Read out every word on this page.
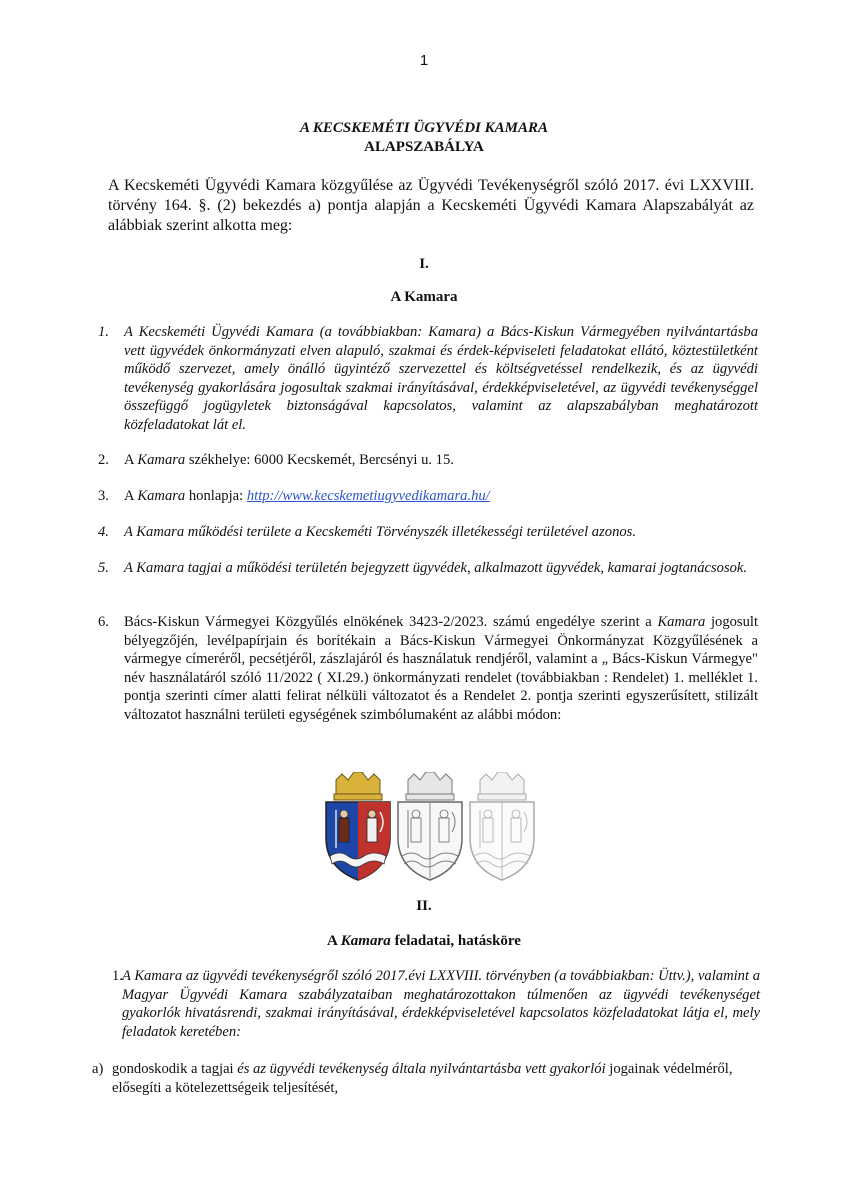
1
A KECSKEMÉTI ÜGYVÉDI KAMARA
ALAPSZABÁLYA
A Kecskeméti Ügyvédi Kamara közgyűlése az Ügyvédi Tevékenységről szóló 2017. évi LXXVIII. törvény 164. §. (2) bekezdés a) pontja alapján a Kecskeméti Ügyvédi Kamara Alapszabályát az alábbiak szerint alkotta meg:
I.
A Kamara
1.	A Kecskeméti Ügyvédi Kamara (a továbbiakban: Kamara) a Bács-Kiskun Vármegyében nyilvántartásba vett ügyvédek önkormányzati elven alapuló, szakmai és érdek-képviseleti feladatokat ellátó, köztestületként működő szervezet, amely önálló ügyintéző szervezettel és költségvetéssel rendelkezik, és az ügyvédi tevékenység gyakorlására jogosultak szakmai irányításával, érdekképviseletével, az ügyvédi tevékenységgel összefüggő jogügyletek biztonságával kapcsolatos, valamint az alapszabályban meghatározott közfeladatokat lát el.
2.	A Kamara székhelye: 6000 Kecskemét, Bercsényi u. 15.
3.	A Kamara honlapja: http://www.kecskemetiugyvedikamara.hu/
4.	A Kamara működési területe a Kecskeméti Törvényszék illetékességi területével azonos.
5.	A Kamara tagjai a működési területén bejegyzett ügyvédek, alkalmazott ügyvédek, kamarai jogtanácsosok.
6.	Bács-Kiskun Vármegyei Közgyűlés elnökének 3423-2/2023. számú engedélye szerint a Kamara jogosult bélyegzőjén, levélpapírjain és borítékain a Bács-Kiskun Vármegyei Önkormányzat Közgyűlésének a vármegye címeréről, pecsétjéről, zászlajáról és használatuk rendjéről, valamint a „ Bács-Kiskun Vármegye" név használatáról szóló 11/2022 ( XI.29.) önkormányzati rendelet (továbbiakban : Rendelet) 1. melléklet 1. pontja szerinti címer alatti felirat nélküli változatot és a Rendelet 2. pontja szerinti egyszerűsített, stilizált változatot használni területi egységének szimbólumaként az alábbi módon:
II.
A Kamara feladatai, hatásköre
1. A Kamara az ügyvédi tevékenységről szóló 2017.évi LXXVIII. törvényben (a továbbiakban: Üttv.), valamint a Magyar Ügyvédi Kamara szabályzataiban meghatározottakon túlmenően az ügyvédi tevékenységet gyakorlók hivatásrendi, szakmai irányításával, érdekképviseletével kapcsolatos közfeladatokat látja el, mely feladatok keretében:
a) gondoskodik a tagjai és az ügyvédi tevékenység általa nyilvántartásba vett gyakorlói jogainak védelméről, elősegíti a kötelezettségeik teljesítését,
